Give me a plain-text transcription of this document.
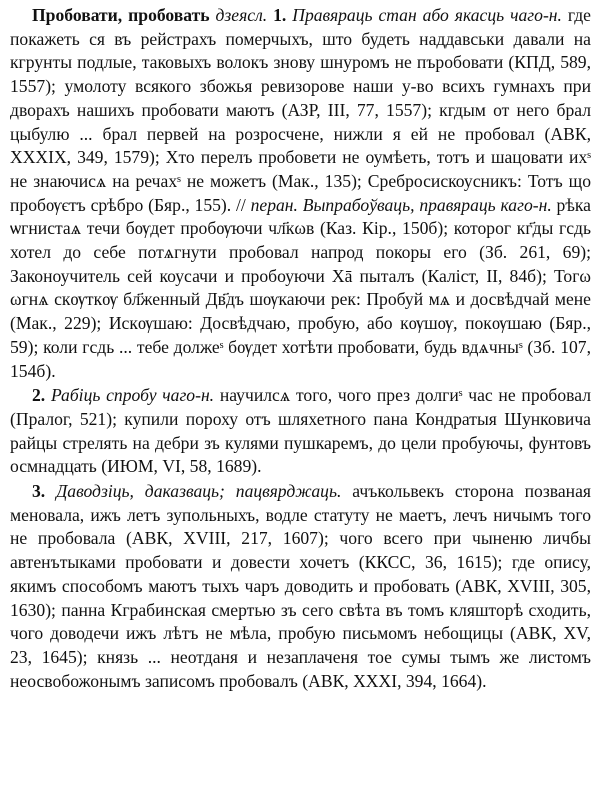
Пробовати, пробовать дзеясл. 1. Правяраць стан або якасць чаго-н. где покажеть ся въ рейстрахъ померчыхъ, што будеть наддавськи давали на кгрунты подлые, таковыхъ волокъ знову шнуромъ не пъробовати (КПД, 589, 1557); умолоту всякого збожья ревизорове наши у-во всихъ гумнахъ при дворахъ нашихъ пробовати маютъ (АЗР, III, 77, 1557); кгдым от него брал цыбулю ... брал первей на розросчене, нижли я ей не пробовал (АВК, XXXIX, 349, 1579); Хто перелъ пробовети не оумѣеть, тотъ и шацовати ихˢ не знаючисѧ на речахˢ не можетъ (Мак., 135); Сребросискоусникъ: Тотъ що пробѹєтъ срѣбро (Бяр., 155). // перан. Выпрабоўваць, правяраць каго-н. рѣка ѡгнистаѧ течи бѹдет пробѹючи чл҃кωв (Каз. Кір., 150б); которог кг҃ды гсдь хотел до себе потѧгнути пробовал напрод покоры его (Зб. 261, 69); Законоучитель сей коусачи и пробоуючи Хā пыталъ (Каліст, II, 84б); Тогω ωгнѧ скѹткѹ бл҃женный Дв҃дъ шѹкаючи рек: Пробуй мѧ и досвѣдчай мене (Мак., 229); Искѹшаю: Досвѣдчаю, пробую, або кѹшѹ, покѹшаю (Бяр., 59); коли гсдь ... тебе долже​ˢ бѹдет хотѣти пробовати, будь вдѧчныˢ (Зб. 107, 154б).

2. Рабіць спробу чаго-н. научилсѧ того, чого през долгиˢ час не пробовал (Пралог, 521); купили пороху отъ шляхетного пана Кондратыя Шунковича райцы стрелять на дебри зъ кулями пушкаремъ, до цели пробуючы, фунтовъ осмнадцать (ИЮМ, VI, 58, 1689).

3. Даводзіць, даказваць; пацвярджаць. ачъкольвекъ сторона позваная меновала, ижъ летъ зупольныхъ, водле статуту не маетъ, лечъ ничымъ того не пробовала (АВК, XVIII, 217, 1607); чого всего при чыненю личбы автенътыками пробовати и довести хочетъ (ККСС, 36, 1615); где опису, якимъ способомъ маютъ тыхъ чаръ доводить и пробовать (АВК, XVIII, 305, 1630); панна Кграбинская смертью зъ сего свѣта въ томъ кляшторѣ сходить, чого доводечи ижъ лѣтъ не мѣла, пробую письмомъ небощицы (АВК, XV, 23, 1645); князь ... неотданя и незаплаченя тое сумы тымъ же листомъ неосвобожонымъ записомъ пробовалъ (АВК, XXXI, 394, 1664).
